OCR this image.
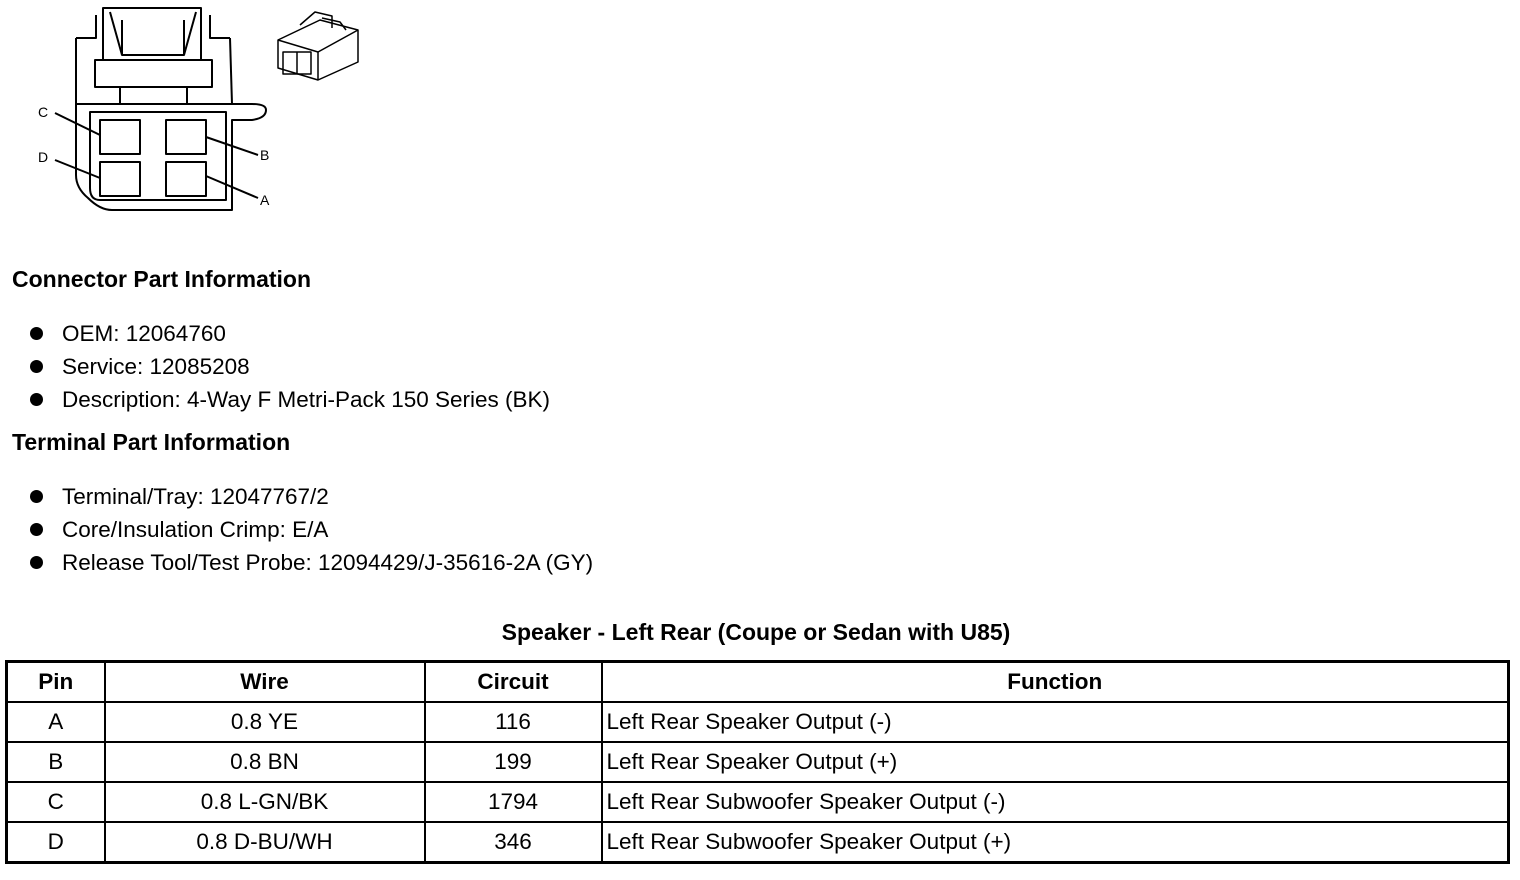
C
D	B
A
Connector Part Information
OEM: 12064760
Service: 12085208
Description: 4-Way F Metri-Pack 150 Series (BK)
Terminal Part Information
Terminal/Tray: 12047767/2
Core/Insulation Crimp: E/A
Release Tool/Test Probe: 12094429/J-35616-2A (GY)
Speaker - Left Rear (Coupe or Sedan with U85)
Pin	Wire	Circuit	Function
A	0.8 YE	116	Left Rear Speaker Output (-)
B	0.8 BN	199	Left Rear Speaker Output (+)
C	0.8 L-GN/BK	1794	Left Rear Subwoofer Speaker Output (-)
D	0.8 D-BU/WH	346	Left Rear Subwoofer Speaker Output (+)
